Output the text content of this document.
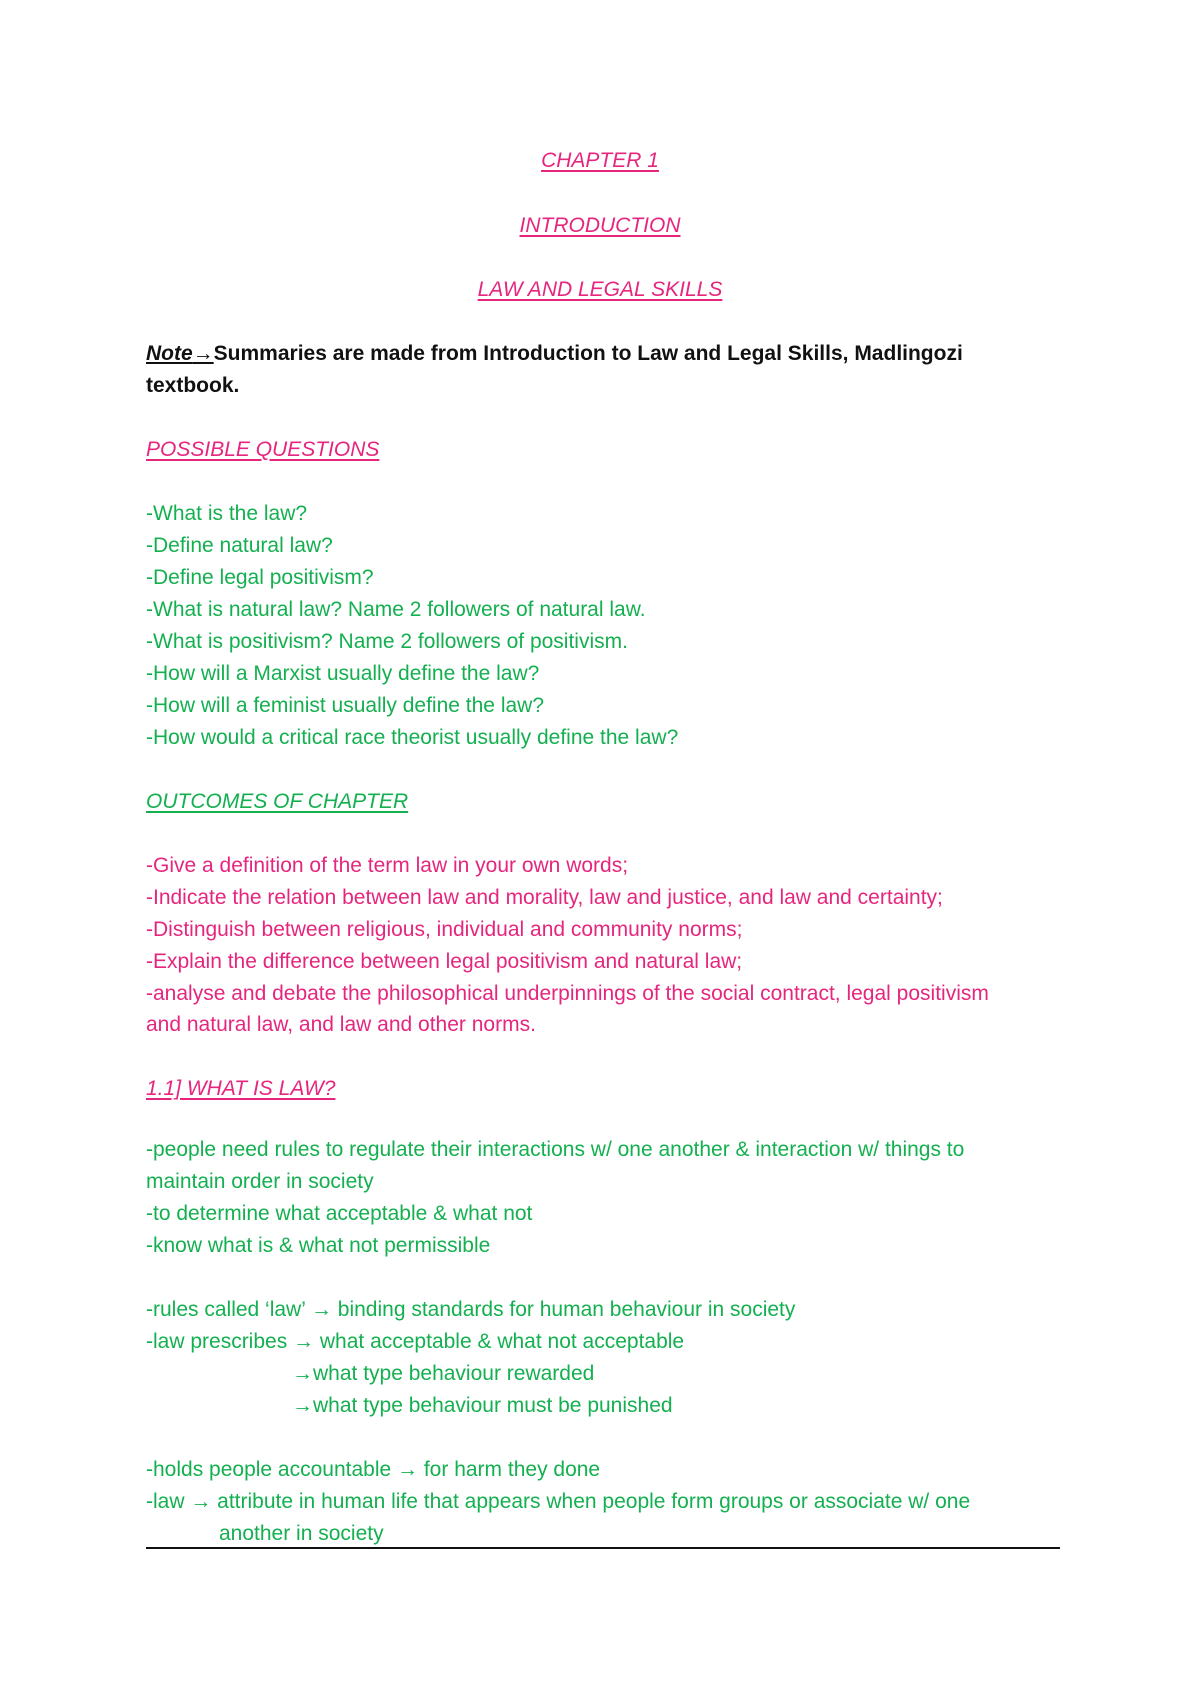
CHAPTER 1
INTRODUCTION
LAW AND LEGAL SKILLS
Note→Summaries are made from Introduction to Law and Legal Skills, Madlingozi
textbook.
POSSIBLE QUESTIONS
-What is the law?
-Define natural law?
-Define legal positivism?
-What is natural law? Name 2 followers of natural law.
-What is positivism? Name 2 followers of positivism.
-How will a Marxist usually define the law?
-How will a feminist usually define the law?
-How would a critical race theorist usually define the law?
OUTCOMES OF CHAPTER
-Give a definition of the term law in your own words;
-Indicate the relation between law and morality, law and justice, and law and certainty;
-Distinguish between religious, individual and community norms;
-Explain the difference between legal positivism and natural law;
-analyse and debate the philosophical underpinnings of the social contract, legal positivism
and natural law, and law and other norms.
1.1] WHAT IS LAW?
-people need rules to regulate their interactions w/ one another & interaction w/ things to
maintain order in society
-to determine what acceptable & what not
-know what is & what not permissible
-rules called ‘law’ → binding standards for human behaviour in society
-law prescribes → what acceptable & what not acceptable
→what type behaviour rewarded
→what type behaviour must be punished
-holds people accountable → for harm they done
-law → attribute in human life that appears when people form groups or associate w/ one
another in society
